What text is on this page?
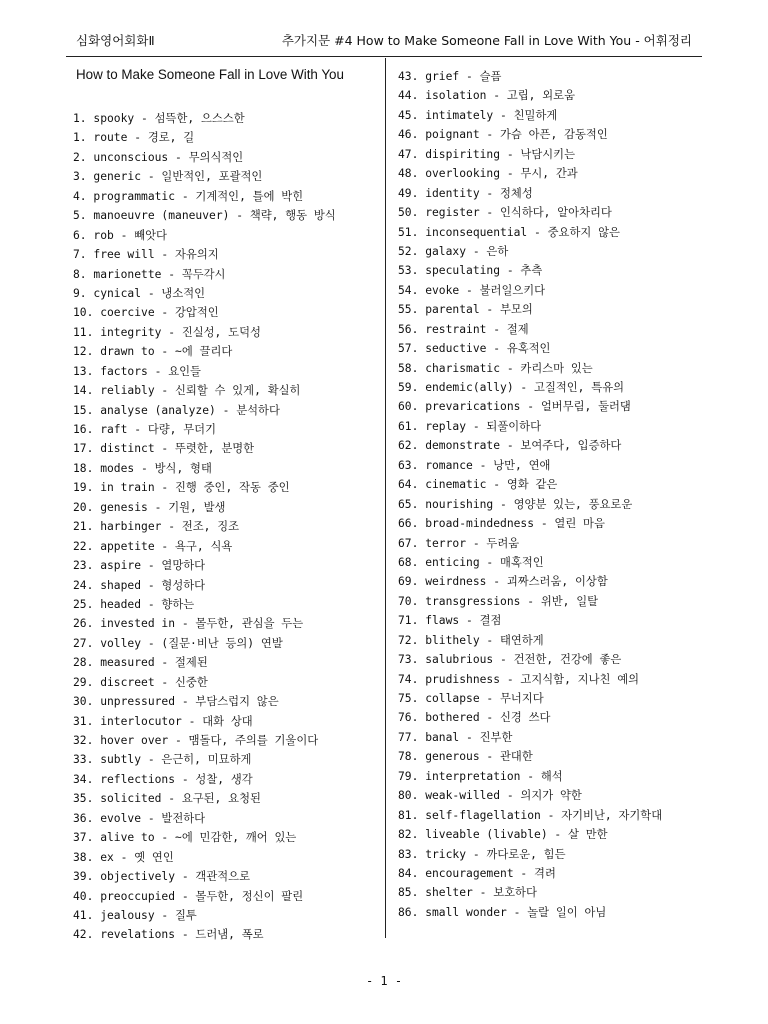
심화영어회화Ⅱ	추가지문 #4 How to Make Someone Fall in Love With You - 어휘정리
How to Make Someone Fall in Love With You
1. spooky - 섬뜩한, 으스스한
1. route - 경로, 길
2. unconscious - 무의식적인
3. generic - 일반적인, 포괄적인
4. programmatic - 기계적인, 틀에 박힌
5. manoeuvre (maneuver) - 책략, 행동 방식
6. rob - 빼앗다
7. free will - 자유의지
8. marionette - 꼭두각시
9. cynical - 냉소적인
10. coercive - 강압적인
11. integrity - 진실성, 도덕성
12. drawn to - ~에 끌리다
13. factors - 요인들
14. reliably - 신뢰할 수 있게, 확실히
15. analyse (analyze) - 분석하다
16. raft - 다량, 무더기
17. distinct - 뚜렷한, 분명한
18. modes - 방식, 형태
19. in train - 진행 중인, 작동 중인
20. genesis - 기원, 발생
21. harbinger - 전조, 징조
22. appetite - 욕구, 식욕
23. aspire - 열망하다
24. shaped - 형성하다
25. headed - 향하는
26. invested in - 몰두한, 관심을 두는
27. volley - (질문·비난 등의) 연발
28. measured - 절제된
29. discreet - 신중한
30. unpressured - 부담스럽지 않은
31. interlocutor - 대화 상대
32. hover over - 맴돌다, 주의를 기울이다
33. subtly - 은근히, 미묘하게
34. reflections - 성찰, 생각
35. solicited - 요구된, 요청된
36. evolve - 발전하다
37. alive to - ~에 민감한, 깨어 있는
38. ex - 옛 연인
39. objectively - 객관적으로
40. preoccupied - 몰두한, 정신이 팔린
41. jealousy - 질투
42. revelations - 드러냄, 폭로
43. grief - 슬픔
44. isolation - 고립, 외로움
45. intimately - 친밀하게
46. poignant - 가슴 아픈, 감동적인
47. dispiriting - 낙담시키는
48. overlooking - 무시, 간과
49. identity - 정체성
50. register - 인식하다, 알아차리다
51. inconsequential - 중요하지 않은
52. galaxy - 은하
53. speculating - 추측
54. evoke - 불러일으키다
55. parental - 부모의
56. restraint - 절제
57. seductive - 유혹적인
58. charismatic - 카리스마 있는
59. endemic(ally) - 고질적인, 특유의
60. prevarications - 얼버무림, 둘러댐
61. replay - 되풀이하다
62. demonstrate - 보여주다, 입증하다
63. romance - 낭만, 연애
64. cinematic - 영화 같은
65. nourishing - 영양분 있는, 풍요로운
66. broad-mindedness - 열린 마음
67. terror - 두려움
68. enticing - 매혹적인
69. weirdness - 괴짜스러움, 이상함
70. transgressions - 위반, 일탈
71. flaws - 결점
72. blithely - 태연하게
73. salubrious - 건전한, 건강에 좋은
74. prudishness - 고지식함, 지나친 예의
75. collapse - 무너지다
76. bothered - 신경 쓰다
77. banal - 진부한
78. generous - 관대한
79. interpretation - 해석
80. weak-willed - 의지가 약한
81. self-flagellation - 자기비난, 자기학대
82. liveable (livable) - 살 만한
83. tricky - 까다로운, 힘든
84. encouragement - 격려
85. shelter - 보호하다
86. small wonder - 놀랄 일이 아님
- 1 -
